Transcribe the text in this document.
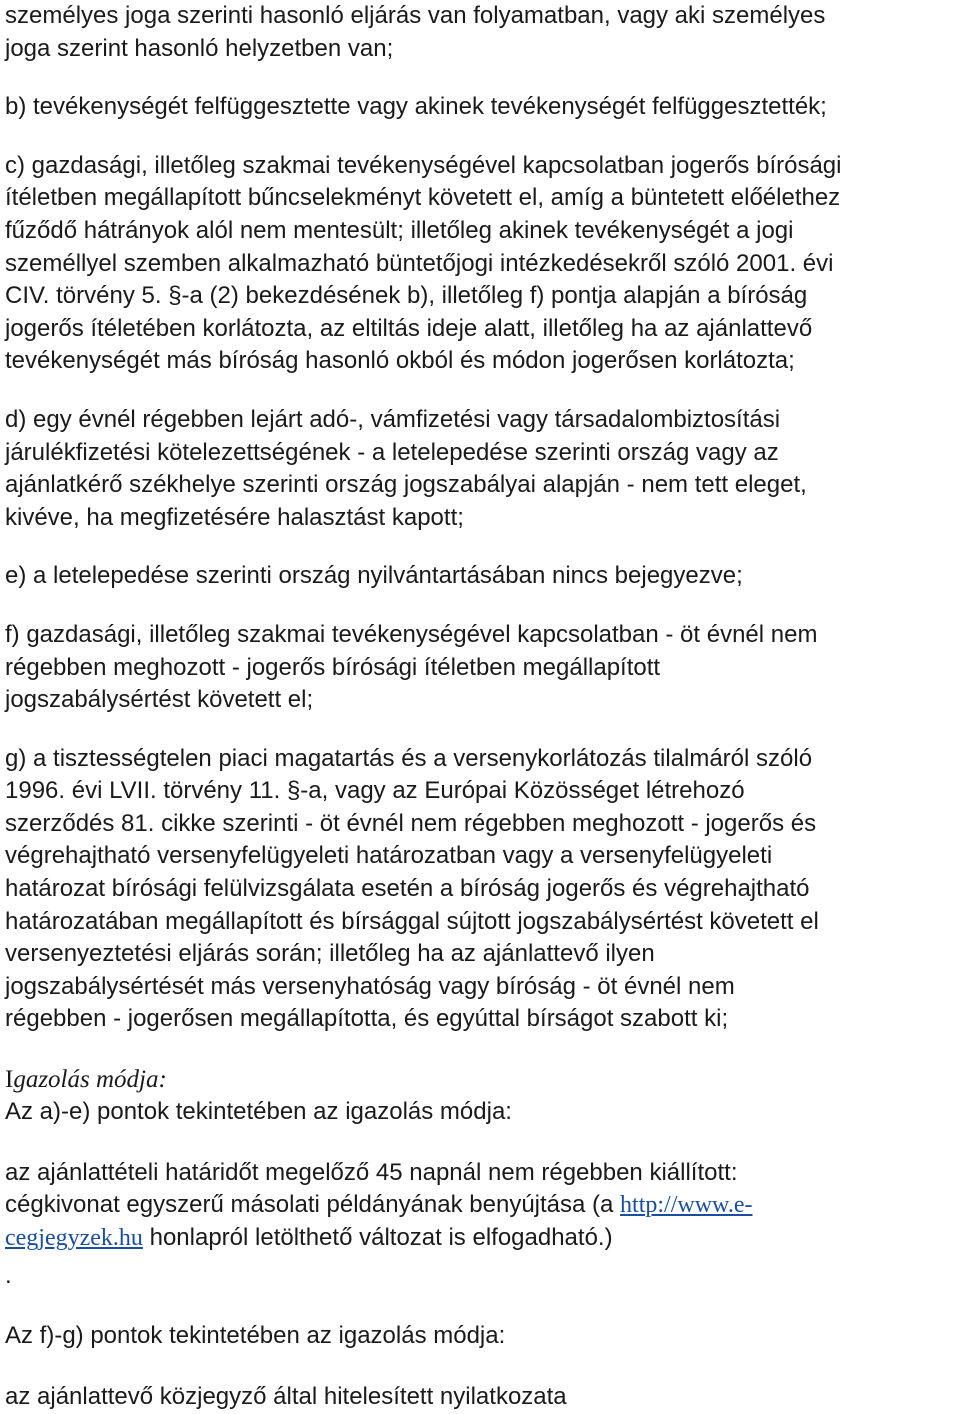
személyes joga szerinti hasonló eljárás van folyamatban, vagy aki személyes
joga szerint hasonló helyzetben van;

b) tevékenységét felfüggesztette vagy akinek tevékenységét felfüggesztették;

c) gazdasági, illetőleg szakmai tevékenységével kapcsolatban jogerős bírósági
ítéletben megállapított bűncselekményt követett el, amíg a büntetett előélethez
fűződő hátrányok alól nem mentesült; illetőleg akinek tevékenységét a jogi
személlyel szemben alkalmazható büntetőjogi intézkedésekről szóló 2001. évi
CIV. törvény 5. §-a (2) bekezdésének b), illetőleg f) pontja alapján a bíróság
jogerős ítéletében korlátozta, az eltiltás ideje alatt, illetőleg ha az ajánlattevő
tevékenységét más bíróság hasonló okból és módon jogerősen korlátozta;

d) egy évnél régebben lejárt adó-, vámfizetési vagy társadalombiztosítási
járulékfizetési kötelezettségének - a letelepedése szerinti ország vagy az
ajánlatkérő székhelye szerinti ország jogszabályai alapján - nem tett eleget,
kivéve, ha megfizetésére halasztást kapott;

e) a letelepedése szerinti ország nyilvántartásában nincs bejegyezve;

f) gazdasági, illetőleg szakmai tevékenységével kapcsolatban - öt évnél nem
régebben meghozott - jogerős bírósági ítéletben megállapított
jogszabálysértést követett el;

g) a tisztességtelen piaci magatartás és a versenykorlátozás tilalmáról szóló
1996. évi LVII. törvény 11. §-a, vagy az Európai Közösséget létrehozó
szerződés 81. cikke szerinti - öt évnél nem régebben meghozott - jogerős és
végrehajtható versenyfelügyeleti határozatban vagy a versenyfelügyeleti
határozat bírósági felülvizsgálata esetén a bíróság jogerős és végrehajtható
határozatában megállapított és bírsággal sújtott jogszabálysértést követett el
versenyeztetési eljárás során; illetőleg ha az ajánlattevő ilyen
jogszabálysértését más versenyhatóság vagy bíróság - öt évnél nem
régebben - jogerősen megállapította, és egyúttal bírságot szabott ki;

Igazolás módja:

Az a)-e) pontok tekintetében az igazolás módja:

az ajánlattételi határidőt megelőző 45 napnál nem régebben kiállított:
cégkivonat egyszerű másolati példányának benyújtása (a http://www.e-
cegjegyzek.hu honlapról letölthető változat is elfogadható.)
.

Az f)-g) pontok tekintetében az igazolás módja:

az ajánlattevő közjegyző által hitelesített nyilatkozata
